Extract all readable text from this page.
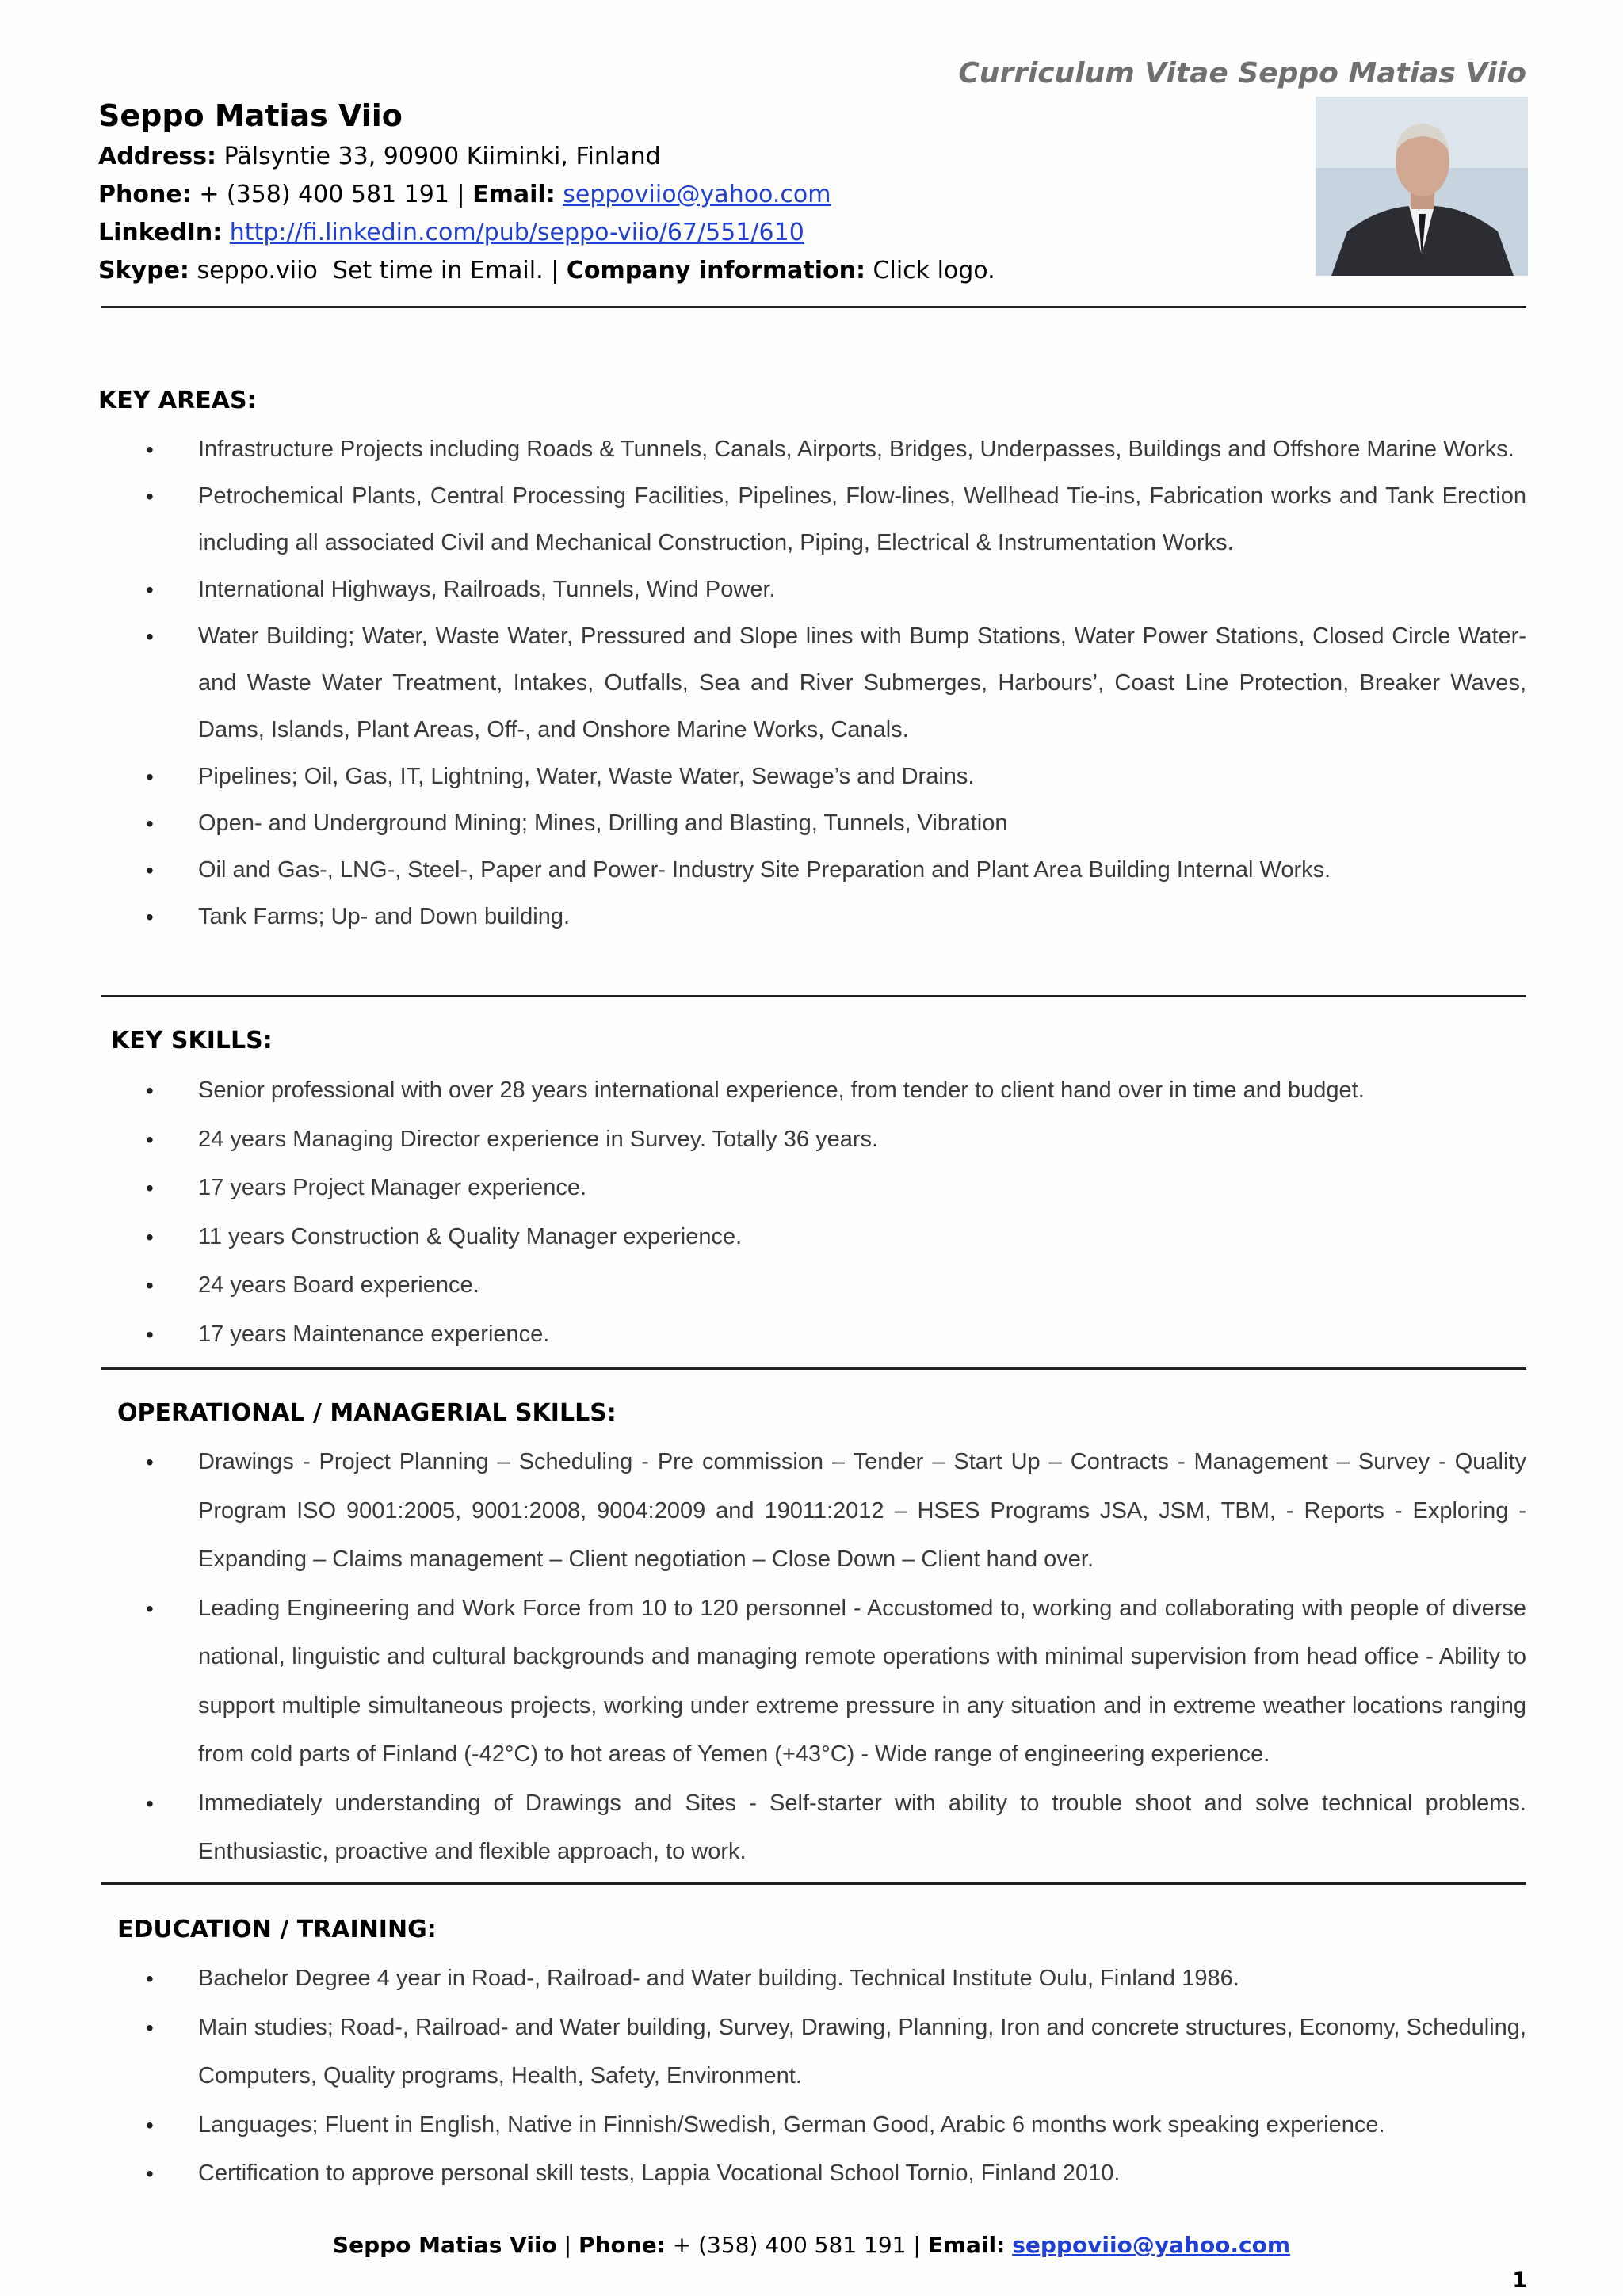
Curriculum Vitae Seppo Matias Viio
Seppo Matias Viio
Address: Pälsyntie 33, 90900 Kiiminki, Finland
Phone: + (358) 400 581 191 | Email: seppoviio@yahoo.com
LinkedIn: http://fi.linkedin.com/pub/seppo-viio/67/551/610
Skype: seppo.viio  Set time in Email. | Company information: Click logo.
KEY AREAS:
• Infrastructure Projects including Roads & Tunnels, Canals, Airports, Bridges, Underpasses, Buildings and Offshore Marine Works.
• Petrochemical Plants, Central Processing Facilities, Pipelines, Flow-lines, Wellhead Tie-ins, Fabrication works and Tank Erection including all associated Civil and Mechanical Construction, Piping, Electrical & Instrumentation Works.
• International Highways, Railroads, Tunnels, Wind Power.
• Water Building; Water, Waste Water, Pressured and Slope lines with Bump Stations, Water Power Stations, Closed Circle Water- and Waste Water Treatment, Intakes, Outfalls, Sea and River Submerges, Harbours’, Coast Line Protection, Breaker Waves, Dams, Islands, Plant Areas, Off-, and Onshore Marine Works, Canals.
• Pipelines; Oil, Gas, IT, Lightning, Water, Waste Water, Sewage’s and Drains.
• Open- and Underground Mining; Mines, Drilling and Blasting, Tunnels, Vibration
• Oil and Gas-, LNG-, Steel-, Paper and Power- Industry Site Preparation and Plant Area Building Internal Works.
• Tank Farms; Up- and Down building.
KEY SKILLS:
• Senior professional with over 28 years international experience, from tender to client hand over in time and budget.
• 24 years Managing Director experience in Survey. Totally 36 years.
• 17 years Project Manager experience.
• 11 years Construction & Quality Manager experience.
• 24 years Board experience.
• 17 years Maintenance experience.
OPERATIONAL / MANAGERIAL SKILLS:
• Drawings - Project Planning – Scheduling - Pre commission – Tender – Start Up – Contracts - Management – Survey - Quality Program ISO 9001:2005, 9001:2008, 9004:2009 and 19011:2012 – HSES Programs JSA, JSM, TBM, - Reports - Exploring - Expanding – Claims management – Client negotiation – Close Down – Client hand over.
• Leading Engineering and Work Force from 10 to 120 personnel - Accustomed to, working and collaborating with people of diverse national, linguistic and cultural backgrounds and managing remote operations with minimal supervision from head office - Ability to support multiple simultaneous projects, working under extreme pressure in any situation and in extreme weather locations ranging from cold parts of Finland (-42°C) to hot areas of Yemen (+43°C) - Wide range of engineering experience.
• Immediately understanding of Drawings and Sites - Self-starter with ability to trouble shoot and solve technical problems. Enthusiastic, proactive and flexible approach, to work.
EDUCATION / TRAINING:
• Bachelor Degree 4 year in Road-, Railroad- and Water building. Technical Institute Oulu, Finland 1986.
• Main studies; Road-, Railroad- and Water building, Survey, Drawing, Planning, Iron and concrete structures, Economy, Scheduling, Computers, Quality programs, Health, Safety, Environment.
• Languages; Fluent in English, Native in Finnish/Swedish, German Good, Arabic 6 months work speaking experience.
• Certification to approve personal skill tests, Lappia Vocational School Tornio, Finland 2010.
Seppo Matias Viio | Phone: + (358) 400 581 191 | Email: seppoviio@yahoo.com
1
